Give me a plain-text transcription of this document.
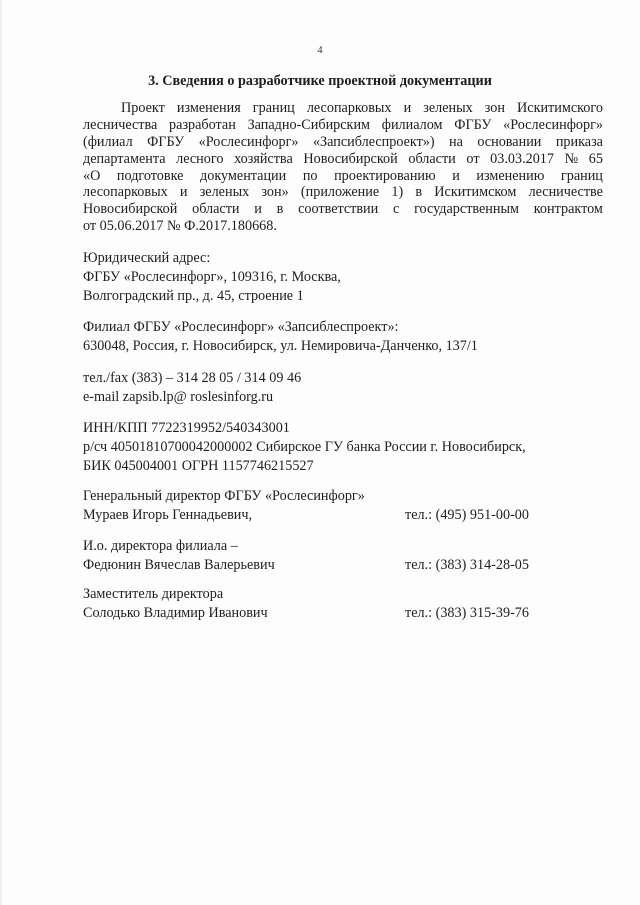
4
3. Сведения о разработчике проектной документации
Проект изменения границ лесопарковых и зеленых зон Искитимского
лесничества разработан Западно-Сибирским филиалом ФГБУ «Рослесинфорг»
(филиал ФГБУ «Рослесинфорг» «Запсиблеспроект») на основании приказа
департамента лесного хозяйства Новосибирской области от 03.03.2017 № 65
«О подготовке документации по проектированию и изменению границ
лесопарковых и зеленых зон» (приложение 1) в Искитимском лесничестве
Новосибирской области и в соответствии с государственным контрактом
от 05.06.2017 № Ф.2017.180668.
Юридический адрес:
ФГБУ «Рослесинфорг», 109316, г. Москва,
Волгоградский пр., д. 45, строение 1
Филиал ФГБУ «Рослесинфорг» «Запсиблеспроект»:
630048, Россия, г. Новосибирск, ул. Немировича-Данченко, 137/1
тел./fax (383) – 314 28 05 / 314 09 46
e-mail zapsib.lp@ roslesinforg.ru
ИНН/КПП 7722319952/540343001
р/сч 40501810700042000002 Сибирское ГУ банка России г. Новосибирск,
БИК 045004001 ОГРН 1157746215527
Генеральный директор ФГБУ «Рослесинфорг»
Мураев Игорь Геннадьевич,	тел.: (495) 951-00-00
И.о. директора филиала –
Федюнин Вячеслав Валерьевич	тел.: (383) 314-28-05
Заместитель директора
Солодько Владимир Иванович	тел.: (383) 315-39-76
